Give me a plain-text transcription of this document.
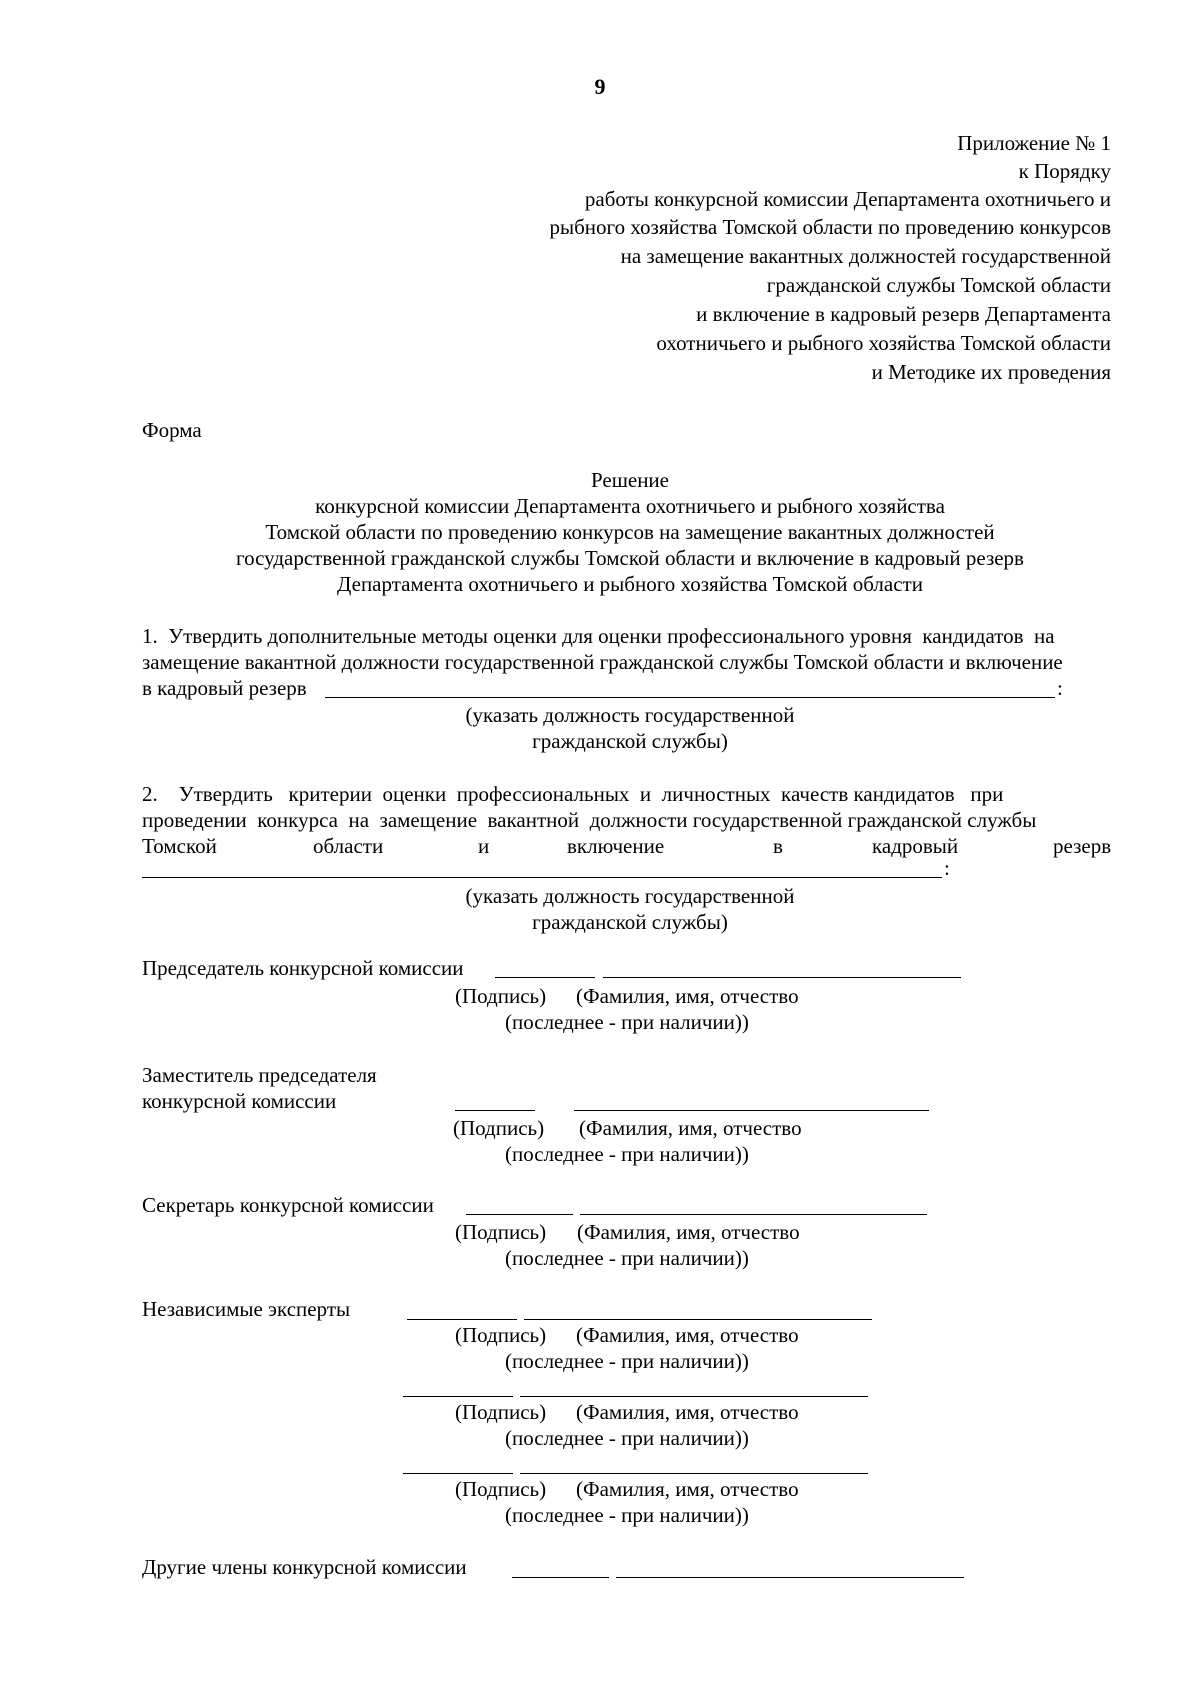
9
Приложение № 1
к Порядку
работы конкурсной комиссии Департамента охотничьего и
рыбного хозяйства Томской области по проведению конкурсов
на замещение вакантных должностей государственной
гражданской службы Томской области
и включение в кадровый резерв Департамента
охотничьего и рыбного хозяйства Томской области
и Методике их проведения
Форма
Решение
конкурсной комиссии Департамента охотничьего и рыбного хозяйства
Томской области по проведению конкурсов на замещение вакантных должностей
государственной гражданской службы Томской области и включение в кадровый резерв
Департамента охотничьего и рыбного хозяйства Томской области
1.  Утвердить дополнительные методы оценки для оценки профессионального уровня  кандидатов  на
замещение вакантной должности государственной гражданской службы Томской области и включение
в кадровый резерв	:
(указать должность государственной
гражданской службы)
2.    Утвердить   критерии  оценки  профессиональных  и  личностных  качеств кандидатов   при
проведении  конкурса  на  замещение  вакантной  должности государственной гражданской службы
Томской	области	и	включение	в	кадровый	резерв
:
(указать должность государственной
гражданской службы)
Председатель конкурсной комиссии
(Подпись) (Фамилия, имя, отчество
(последнее - при наличии))
Заместитель председателя
конкурсной комиссии
(Подпись) (Фамилия, имя, отчество
(последнее - при наличии))
Секретарь конкурсной комиссии
(Подпись) (Фамилия, имя, отчество
(последнее - при наличии))
Независимые эксперты
(Подпись) (Фамилия, имя, отчество
(последнее - при наличии))
(Подпись) (Фамилия, имя, отчество
(последнее - при наличии))
(Подпись) (Фамилия, имя, отчество
(последнее - при наличии))
Другие члены конкурсной комиссии
